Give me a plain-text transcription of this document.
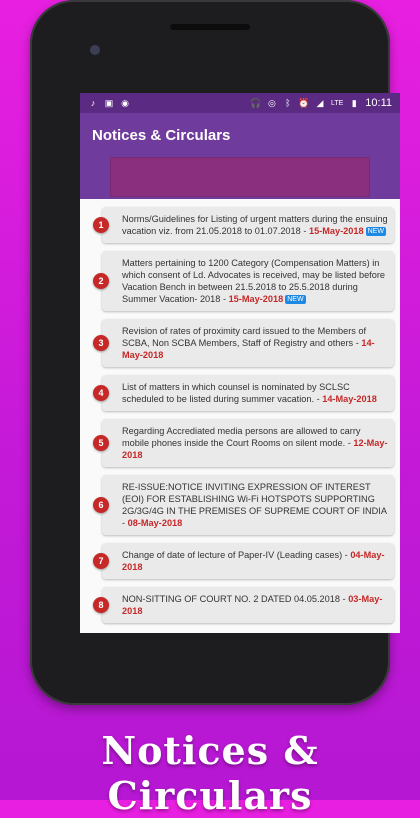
♪	▣ ◉	🎧 ◎ ᛒ ⏰ ◢ LTE ▮ 10:11
Notices & Circulars
1
Norms/Guidelines for Listing of urgent matters during the ensuing vacation viz. from 21.05.2018 to 01.07.2018 - 15-May-2018 NEW
2
Matters pertaining to 1200 Category (Compensation Matters) in which consent of Ld. Advocates is received, may be listed before Vacation Bench in between 21.5.2018 to 25.5.2018 during Summer Vacation- 2018 - 15-May-2018 NEW
3
Revision of rates of proximity card issued to the Members of SCBA, Non SCBA Members, Staff of Registry and others - 14-May-2018
4
List of matters in which counsel is nominated by SCLSC scheduled to be listed during summer vacation. - 14-May-2018
5
Regarding Accrediated media persons are allowed to carry mobile phones inside the Court Rooms on silent mode. - 12-May-2018
6
RE-ISSUE:NOTICE INVITING EXPRESSION OF INTEREST (EOI) FOR ESTABLISHING Wi-Fi HOTSPOTS SUPPORTING 2G/3G/4G IN THE PREMISES OF SUPREME COURT OF INDIA - 08-May-2018
7
Change of date of lecture of Paper-IV (Leading cases) - 04-May-2018
8
NON-SITTING OF COURT NO. 2 DATED 04.05.2018 - 03-May-2018
Notices & Circulars
